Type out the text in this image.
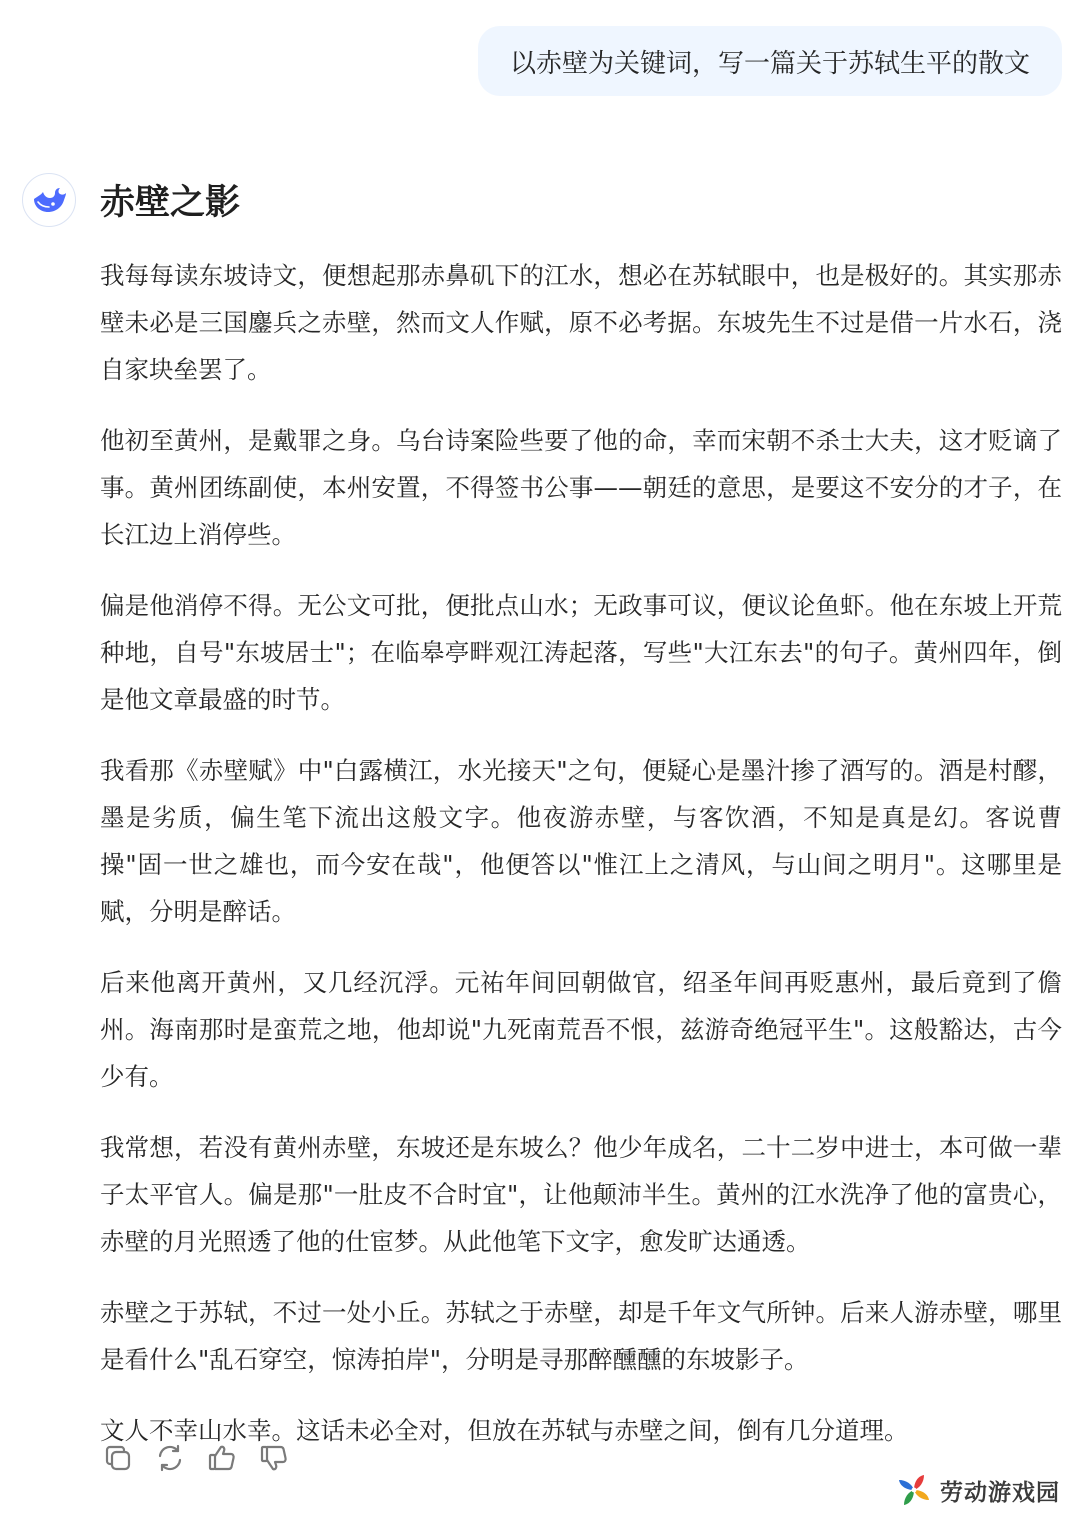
以赤壁为关键词，写一篇关于苏轼生平的散文
赤壁之影

我每每读东坡诗文，便想起那赤鼻矶下的江水，想必在苏轼眼中，也是极好的。其实那赤壁未必是三国鏖兵之赤壁，然而文人作赋，原不必考据。东坡先生不过是借一片水石，浇自家块垒罢了。

他初至黄州，是戴罪之身。乌台诗案险些要了他的命，幸而宋朝不杀士大夫，这才贬谪了事。黄州团练副使，本州安置，不得签书公事——朝廷的意思，是要这不安分的才子，在长江边上消停些。

偏是他消停不得。无公文可批，便批点山水；无政事可议，便议论鱼虾。他在东坡上开荒种地，自号"东坡居士"；在临皋亭畔观江涛起落，写些"大江东去"的句子。黄州四年，倒是他文章最盛的时节。

我看那《赤壁赋》中"白露横江，水光接天"之句，便疑心是墨汁掺了酒写的。酒是村醪，墨是劣质，偏生笔下流出这般文字。他夜游赤壁，与客饮酒，不知是真是幻。客说曹操"固一世之雄也，而今安在哉"，他便答以"惟江上之清风，与山间之明月"。这哪里是赋，分明是醉话。

后来他离开黄州，又几经沉浮。元祐年间回朝做官，绍圣年间再贬惠州，最后竟到了儋州。海南那时是蛮荒之地，他却说"九死南荒吾不恨，兹游奇绝冠平生"。这般豁达，古今少有。

我常想，若没有黄州赤壁，东坡还是东坡么？他少年成名，二十二岁中进士，本可做一辈子太平官人。偏是那"一肚皮不合时宜"，让他颠沛半生。黄州的江水洗净了他的富贵心，赤壁的月光照透了他的仕宦梦。从此他笔下文字，愈发旷达通透。

赤壁之于苏轼，不过一处小丘。苏轼之于赤壁，却是千年文气所钟。后来人游赤壁，哪里是看什么"乱石穿空，惊涛拍岸"，分明是寻那醉醺醺的东坡影子。

文人不幸山水幸。这话未必全对，但放在苏轼与赤壁之间，倒有几分道理。

劳动游戏园
